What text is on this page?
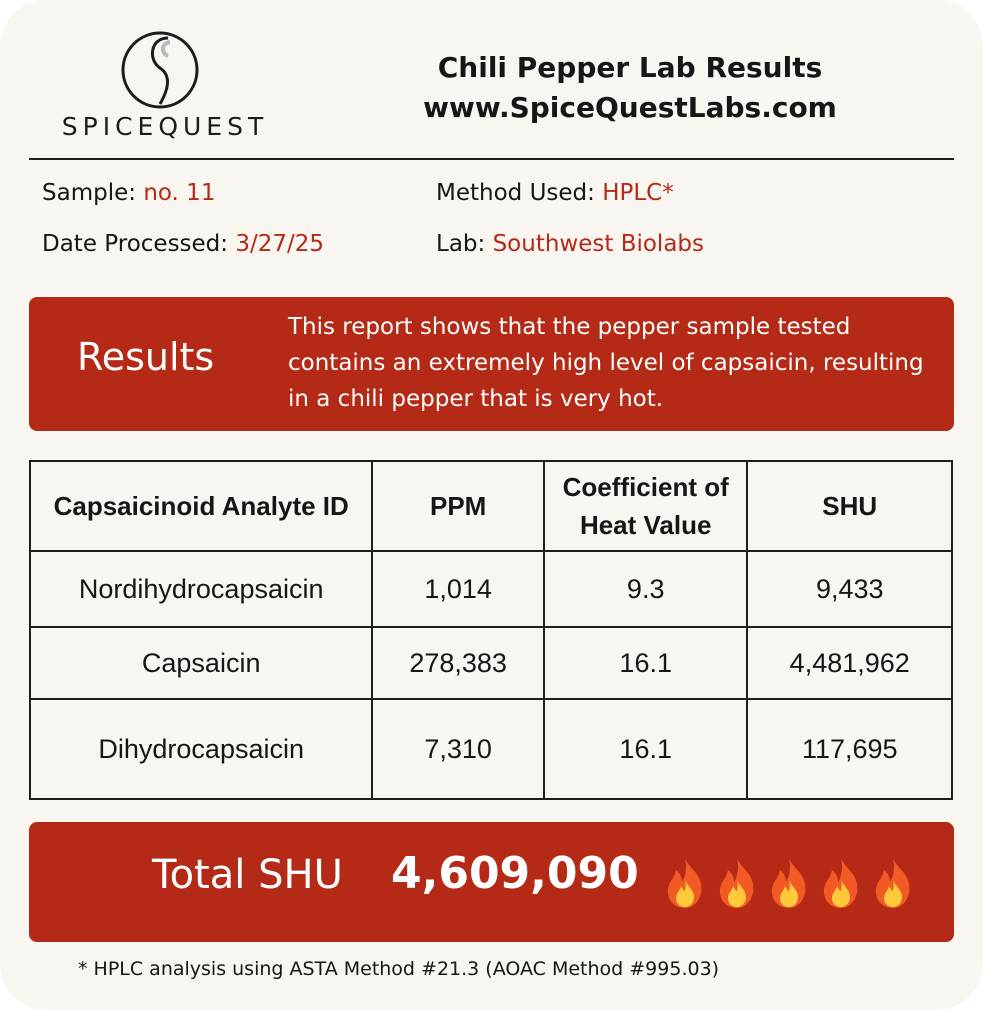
SPICEQUEST
Chili Pepper Lab Results
www.SpiceQuestLabs.com
Sample: no. 11
Date Processed: 3/27/25
Method Used: HPLC*
Lab: Southwest Biolabs
Results
This report shows that the pepper sample tested contains an extremely high level of capsaicin, resulting in a chili pepper that is very hot.
Capsaicinoid Analyte ID	PPM	Coefficient of Heat Value	SHU
Nordihydrocapsaicin	1,014	9.3	9,433
Capsaicin	278,383	16.1	4,481,962
Dihydrocapsaicin	7,310	16.1	117,695
Total SHU 4,609,090
* HPLC analysis using ASTA Method #21.3 (AOAC Method #995.03)
